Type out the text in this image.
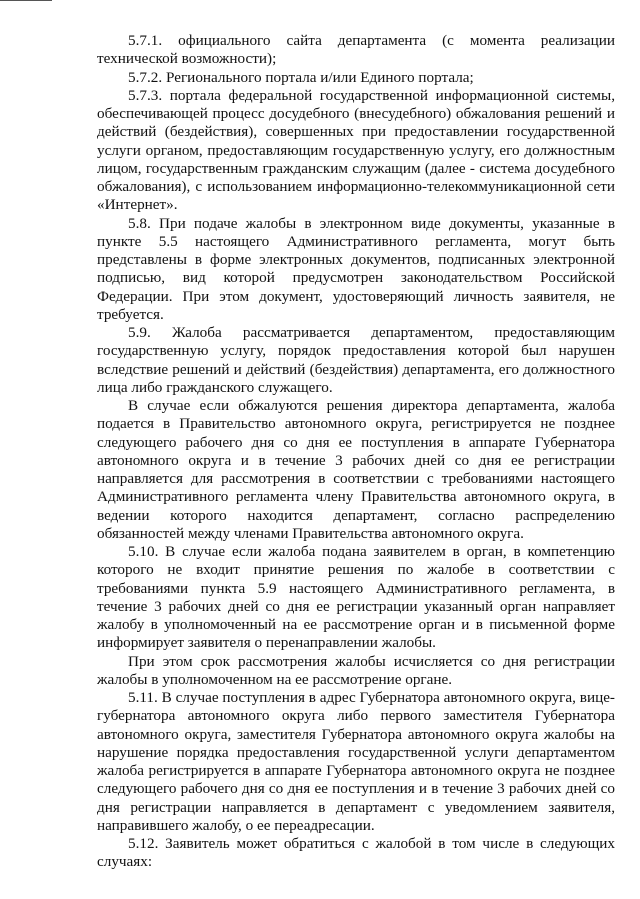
5.7.1. официального сайта департамента (с момента реализации технической возможности);

5.7.2. Регионального портала и/или Единого портала;

5.7.3. портала федеральной государственной информационной системы, обеспечивающей процесс досудебного (внесудебного) обжалования решений и действий (бездействия), совершенных при предоставлении государственной услуги органом, предоставляющим государственную услугу, его должностным лицом, государственным гражданским служащим (далее - система досудебного обжалования), с использованием информационно-телекоммуникационной сети «Интернет».

5.8. При подаче жалобы в электронном виде документы, указанные в пункте 5.5 настоящего Административного регламента, могут быть представлены в форме электронных документов, подписанных электронной подписью, вид которой предусмотрен законодательством Российской Федерации. При этом документ, удостоверяющий личность заявителя, не требуется.

5.9. Жалоба рассматривается департаментом, предоставляющим государственную услугу, порядок предоставления которой был нарушен вследствие решений и действий (бездействия) департамента, его должностного лица либо гражданского служащего.

В случае если обжалуются решения директора департамента, жалоба подается в Правительство автономного округа, регистрируется не позднее следующего рабочего дня со дня ее поступления в аппарате Губернатора автономного округа и в течение 3 рабочих дней со дня ее регистрации направляется для рассмотрения в соответствии с требованиями настоящего Административного регламента члену Правительства автономного округа, в ведении которого находится департамент, согласно распределению обязанностей между членами Правительства автономного округа.

5.10. В случае если жалоба подана заявителем в орган, в компетенцию которого не входит принятие решения по жалобе в соответствии с требованиями пункта 5.9 настоящего Административного регламента, в течение 3 рабочих дней со дня ее регистрации указанный орган направляет жалобу в уполномоченный на ее рассмотрение орган и в письменной форме информирует заявителя о перенаправлении жалобы.

При этом срок рассмотрения жалобы исчисляется со дня регистрации жалобы в уполномоченном на ее рассмотрение органе.

5.11. В случае поступления в адрес Губернатора автономного округа, вице-губернатора автономного округа либо первого заместителя Губернатора автономного округа, заместителя Губернатора автономного округа жалобы на нарушение порядка предоставления государственной услуги департаментом жалоба регистрируется в аппарате Губернатора автономного округа не позднее следующего рабочего дня со дня ее поступления и в течение 3 рабочих дней со дня регистрации направляется в департамент с уведомлением заявителя, направившего жалобу, о ее переадресации.

5.12. Заявитель может обратиться с жалобой в том числе в следующих случаях:
